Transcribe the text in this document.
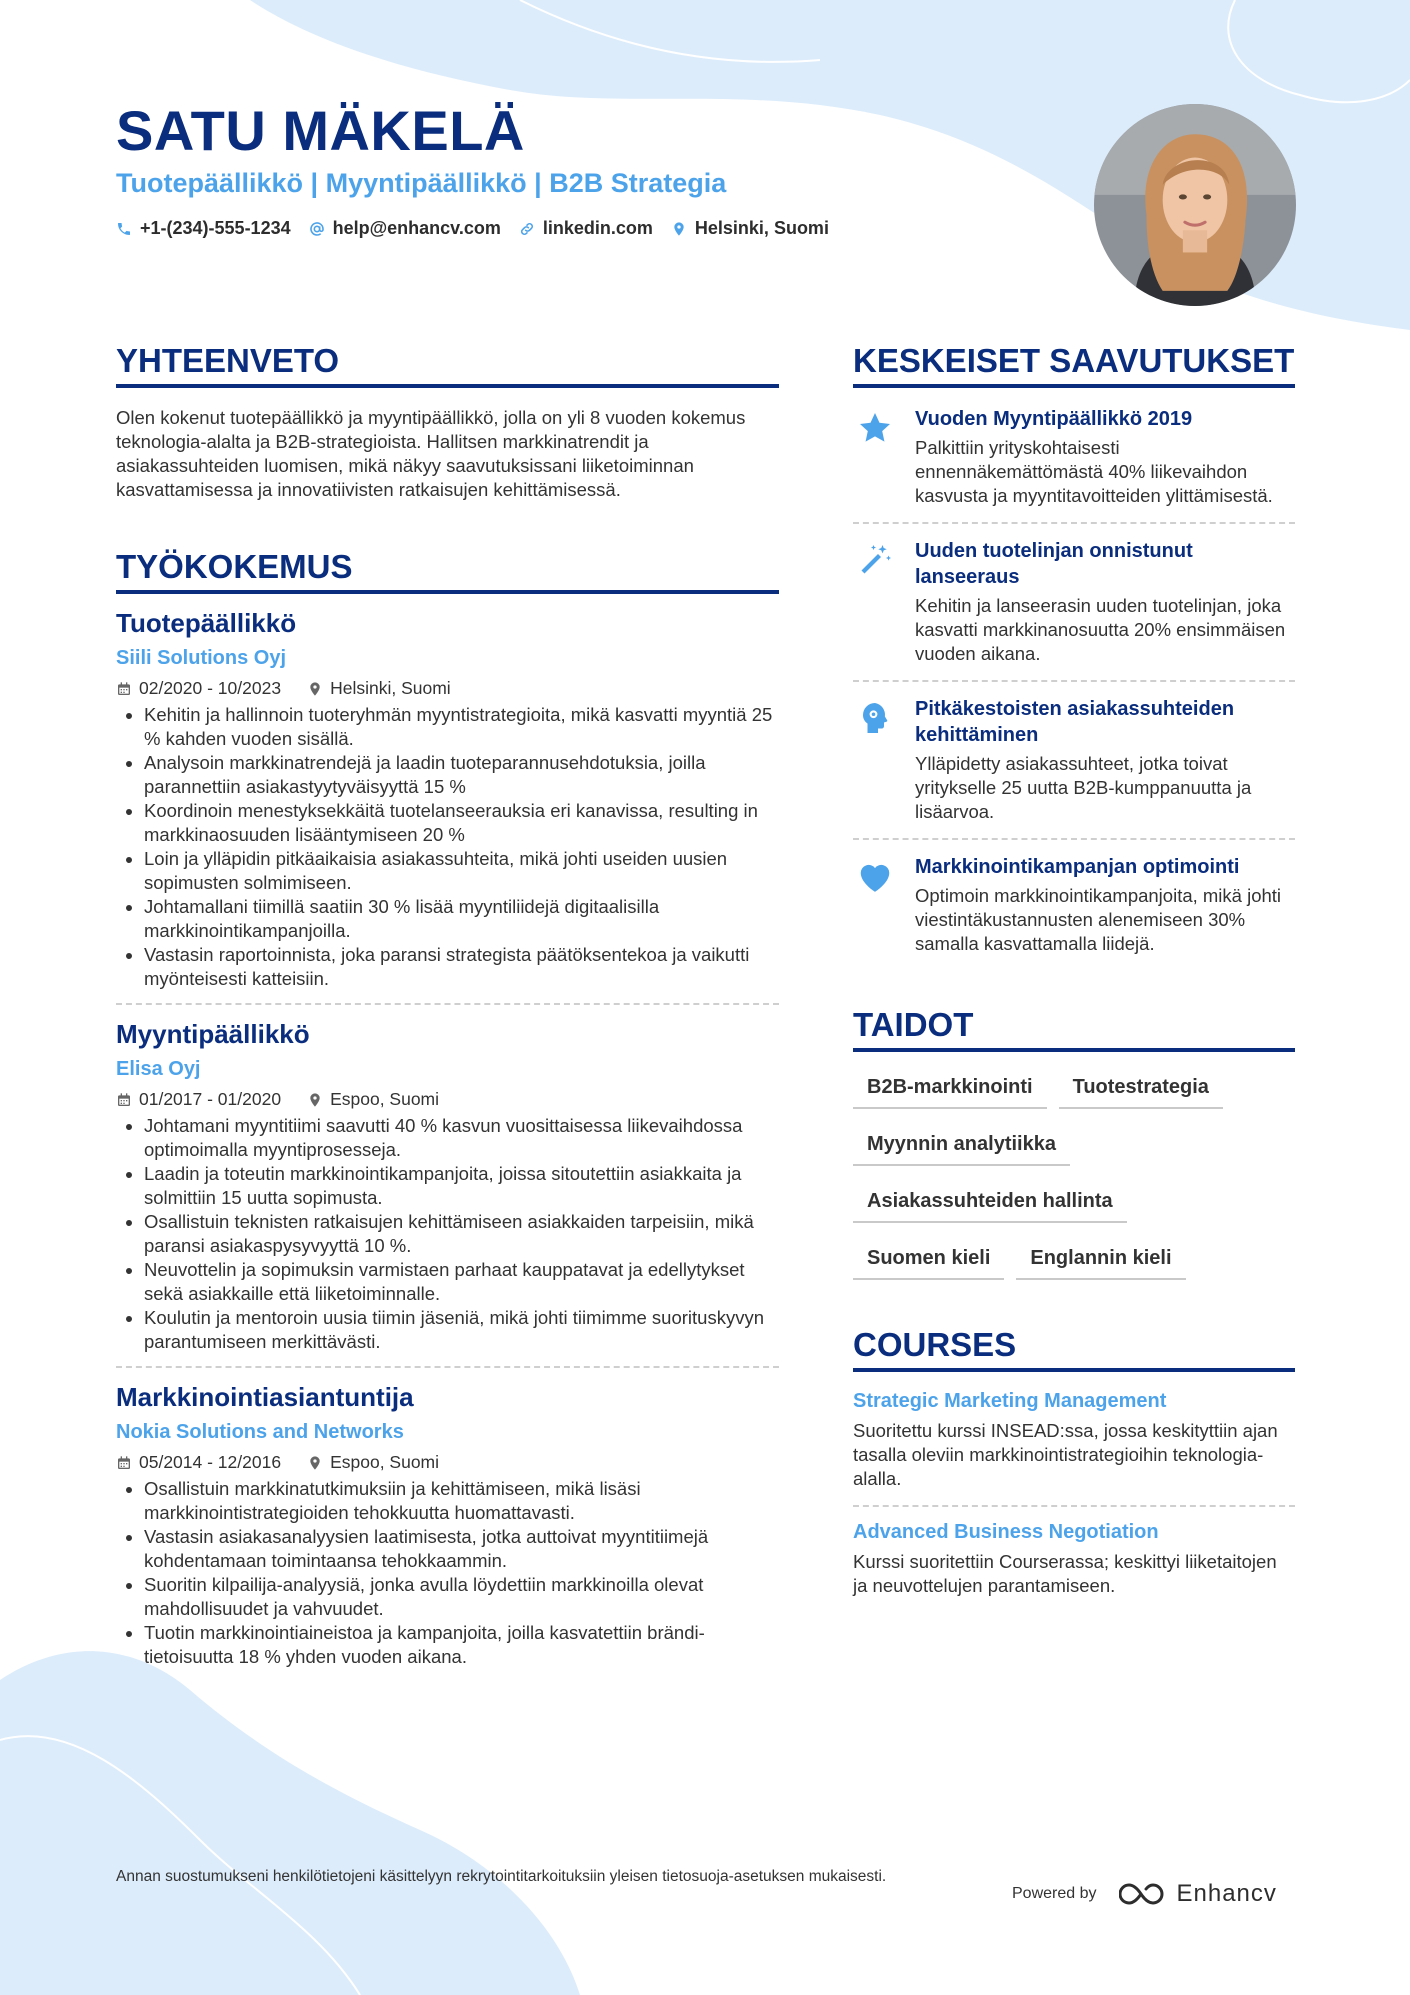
SATU MÄKELÄ
Tuotepäällikkö | Myyntipäällikkö | B2B Strategia
+1-(234)-555-1234 help@enhancv.com linkedin.com Helsinki, Suomi
YHTEENVETO

Olen kokenut tuotepäällikkö ja myyntipäällikkö, jolla on yli 8 vuoden kokemus teknologia-alalta ja B2B-strategioista. Hallitsen markkinatrendit ja asiakassuhteiden luomisen, mikä näkyy saavutuksissani liiketoiminnan kasvattamisessa ja innovatiivisten ratkaisujen kehittämisessä.

TYÖKOKEMUS
Tuotepäällikkö
Siili Solutions Oyj
02/2020 - 10/2023	Helsinki, Suomi
• Kehitin ja hallinnoin tuoteryhmän myyntistrategioita, mikä kasvatti myyntiä 25 % kahden vuoden sisällä.
• Analysoin markkinatrendejä ja laadin tuoteparannusehdotuksia, joilla parannettiin asiakastyytyväisyyttä 15 %
• Koordinoin menestyksekkäitä tuotelanseerauksia eri kanavissa, resulting in markkinaosuuden lisääntymiseen 20 %
• Loin ja ylläpidin pitkäaikaisia asiakassuhteita, mikä johti useiden uusien sopimusten solmimiseen.
• Johtamallani tiimillä saatiin 30 % lisää myyntiliidejä digitaalisilla markkinointikampanjoilla.
• Vastasin raportoinnista, joka paransi strategista päätöksentekoa ja vaikutti myönteisesti katteisiin.
Myyntipäällikkö
Elisa Oyj
01/2017 - 01/2020	Espoo, Suomi
• Johtamani myyntitiimi saavutti 40 % kasvun vuosittaisessa liikevaihdossa optimoimalla myyntiprosesseja.
• Laadin ja toteutin markkinointikampanjoita, joissa sitoutettiin asiakkaita ja solmittiin 15 uutta sopimusta.
• Osallistuin teknisten ratkaisujen kehittämiseen asiakkaiden tarpeisiin, mikä paransi asiakaspysyvyyttä 10 %.
• Neuvottelin ja sopimuksin varmistaen parhaat kauppatavat ja edellytykset sekä asiakkaille että liiketoiminnalle.
• Koulutin ja mentoroin uusia tiimin jäseniä, mikä johti tiimimme suorituskyvyn parantumiseen merkittävästi.
Markkinointiasiantuntija
Nokia Solutions and Networks
05/2014 - 12/2016	Espoo, Suomi
• Osallistuin markkinatutkimuksiin ja kehittämiseen, mikä lisäsi markkinointistrategioiden tehokkuutta huomattavasti.
• Vastasin asiakasanalyysien laatimisesta, jotka auttoivat myyntitiimejä kohdentamaan toimintaansa tehokkaammin.
• Suoritin kilpailija-analyysiä, jonka avulla löydettiin markkinoilla olevat mahdollisuudet ja vahvuudet.
• Tuotin markkinointiaineistoa ja kampanjoita, joilla kasvatettiin bränditietoisuutta 18 % yhden vuoden aikana.
KESKEISET SAAVUTUKSET
Vuoden Myyntipäällikkö 2019
Palkittiin yrityskohtaisesti ennennäkemättömästä 40% liikevaihdon kasvusta ja myyntitavoitteiden ylittämisestä.
Uuden tuotelinjan onnistunut lanseeraus
Kehitin ja lanseerasin uuden tuotelinjan, joka kasvatti markkinanosuutta 20% ensimmäisen vuoden aikana.
Pitkäkestoisten asiakassuhteiden kehittäminen
Ylläpidetty asiakassuhteet, jotka toivat yritykselle 25 uutta B2B-kumppanuutta ja lisäarvoa.
Markkinointikampanjan optimointi
Optimoin markkinointikampanjoita, mikä johti viestintäkustannusten alenemiseen 30% samalla kasvattamalla liidejä.
TAIDOT
B2B-markkinointi	Tuotestrategia
Myynnin analytiikka
Asiakassuhteiden hallinta
Suomen kieli	Englannin kieli
COURSES
Strategic Marketing Management
Suoritettu kurssi INSEAD:ssa, jossa keskityttiin ajan tasalla oleviin markkinointistrategioihin teknologia-alalla.
Advanced Business Negotiation
Kurssi suoritettiin Courserassa; keskittyi liiketaitojen ja neuvottelujen parantamiseen.
Annan suostumukseni henkilötietojeni käsittelyyn rekrytointitarkoituksiin yleisen tietosuoja-asetuksen mukaisesti.
Powered by	Enhancv
